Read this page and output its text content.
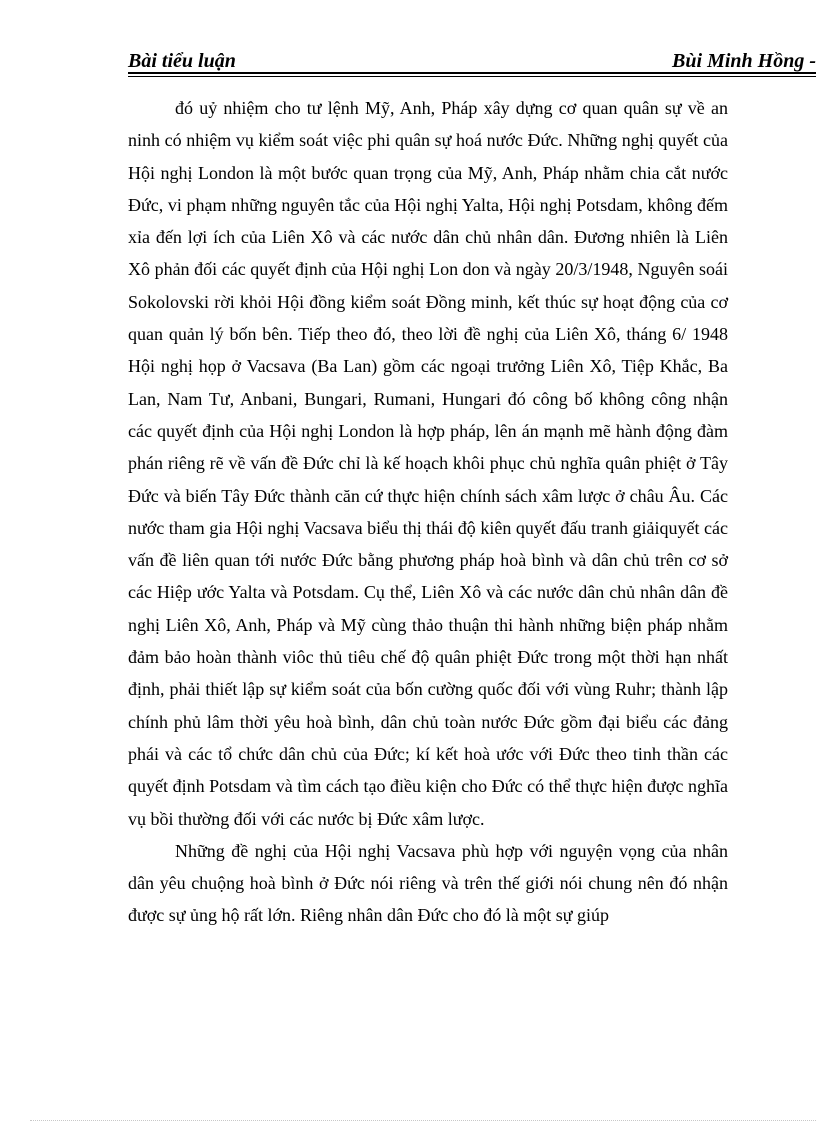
Bài tiểu luận	Bùi Minh Hồng -

đó uỷ nhiệm cho tư lệnh Mỹ, Anh, Pháp xây dựng cơ quan quân sự về an ninh có nhiệm vụ kiểm soát việc phi quân sự hoá nước Đức. Những nghị quyết của Hội nghị London là một bước quan trọng của Mỹ, Anh, Pháp nhằm chia cắt nước Đức, vi phạm những nguyên tắc của Hội nghị Yalta, Hội nghị Potsdam, không đếm xỉa đến lợi ích của Liên Xô và các nước dân chủ nhân dân. Đương nhiên là Liên Xô phản đối các quyết định của Hội nghị Lon don và ngày 20/3/1948, Nguyên soái Sokolovski rời khỏi Hội đồng kiểm soát Đồng minh, kết thúc sự hoạt động của cơ quan quản lý bốn bên. Tiếp theo đó, theo lời đề nghị của Liên Xô, tháng 6/ 1948 Hội nghị họp ở Vacsava (Ba Lan) gồm các ngoại trưởng Liên Xô, Tiệp Khắc, Ba Lan, Nam Tư, Anbani, Bungari, Rumani, Hungari đó công bố không công nhận các quyết định của Hội nghị London là hợp pháp, lên án mạnh mẽ hành động đàm phán riêng rẽ về vấn đề Đức chỉ là kế hoạch khôi phục chủ nghĩa quân phiệt ở Tây Đức và biến Tây Đức thành căn cứ thực hiện chính sách xâm lược ở châu Âu. Các nước tham gia Hội nghị Vacsava biểu thị thái độ kiên quyết đấu tranh giảiquyết các vấn đề liên quan tới nước Đức bằng phương pháp hoà bình và dân chủ trên cơ sở các Hiệp ước Yalta và Potsdam. Cụ thể, Liên Xô và các nước dân chủ nhân dân đề nghị Liên Xô, Anh, Pháp và Mỹ cùng thảo thuận thi hành những biện pháp nhằm đảm bảo hoàn thành viôc thủ tiêu chế độ quân phiệt Đức trong một thời hạn nhất định, phải thiết lập sự kiểm soát của bốn cường quốc đối với vùng Ruhr; thành lập chính phủ lâm thời yêu hoà bình, dân chủ toàn nước Đức gồm đại biểu các đảng phái và các tổ chức dân chủ của Đức; kí kết hoà ước với Đức theo tinh thần các quyết định Potsdam và tìm cách tạo điều kiện cho Đức có thể thực hiện được nghĩa vụ bồi thường đối với các nước bị Đức xâm lược.

Những đề nghị của Hội nghị Vacsava phù hợp với nguyện vọng của nhân dân yêu chuộng hoà bình ở Đức nói riêng và trên thế giới nói chung nên đó nhận được sự ủng hộ rất lớn. Riêng nhân dân Đức cho đó là một sự giúp
